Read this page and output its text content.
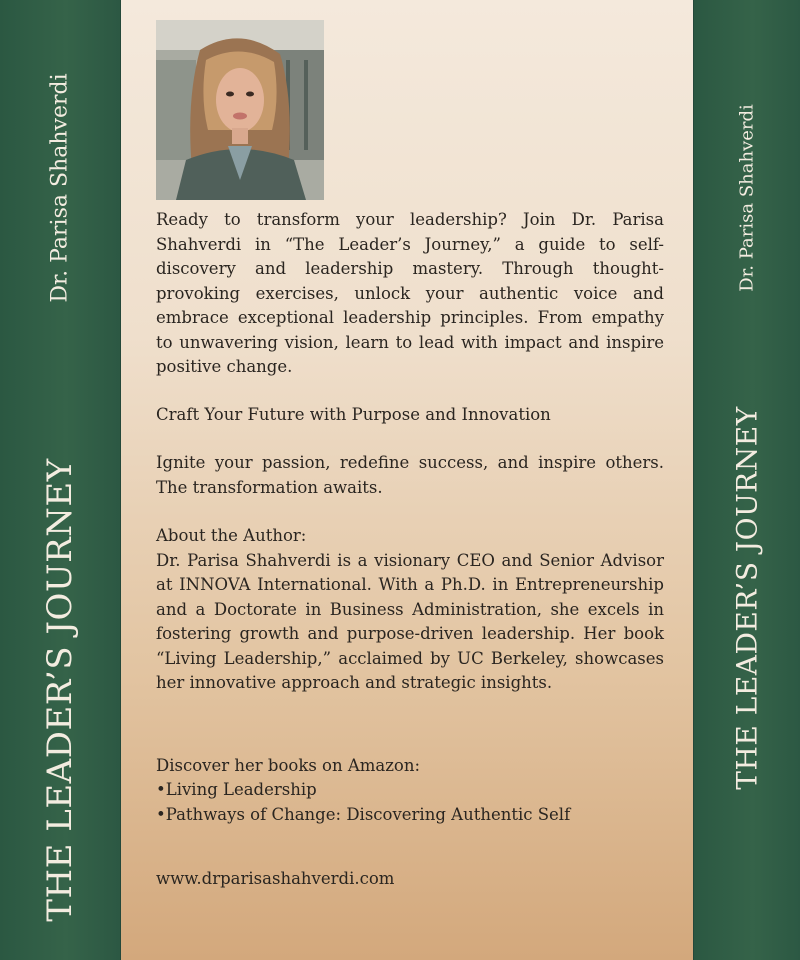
Dr. Parisa Shahverdi
THE LEADER’S JOURNEY

Ready to transform your leadership? Join Dr. Parisa Shahverdi in “The Leader’s Journey,” a guide to self-discovery and leadership mastery. Through thought-provoking exercises, unlock your authentic voice and embrace exceptional leadership principles. From empathy to unwavering vision, learn to lead with impact and inspire positive change.

Craft Your Future with Purpose and Innovation

Ignite your passion, redefine success, and inspire others. The transformation awaits.

About the Author:

Dr. Parisa Shahverdi is a visionary CEO and Senior Advisor at INNOVA International. With a Ph.D. in Entrepreneurship and a Doctorate in Business Administration, she excels in fostering growth and purpose-driven leadership. Her book “Living Leadership,” acclaimed by UC Berkeley, showcases her innovative approach and strategic insights.

Discover her books on Amazon:

•Living Leadership

•Pathways of Change: Discovering Authentic Self

www.drparisashahverdi.com

Dr. Parisa Shahverdi
THE LEADER’S JOURNEY
